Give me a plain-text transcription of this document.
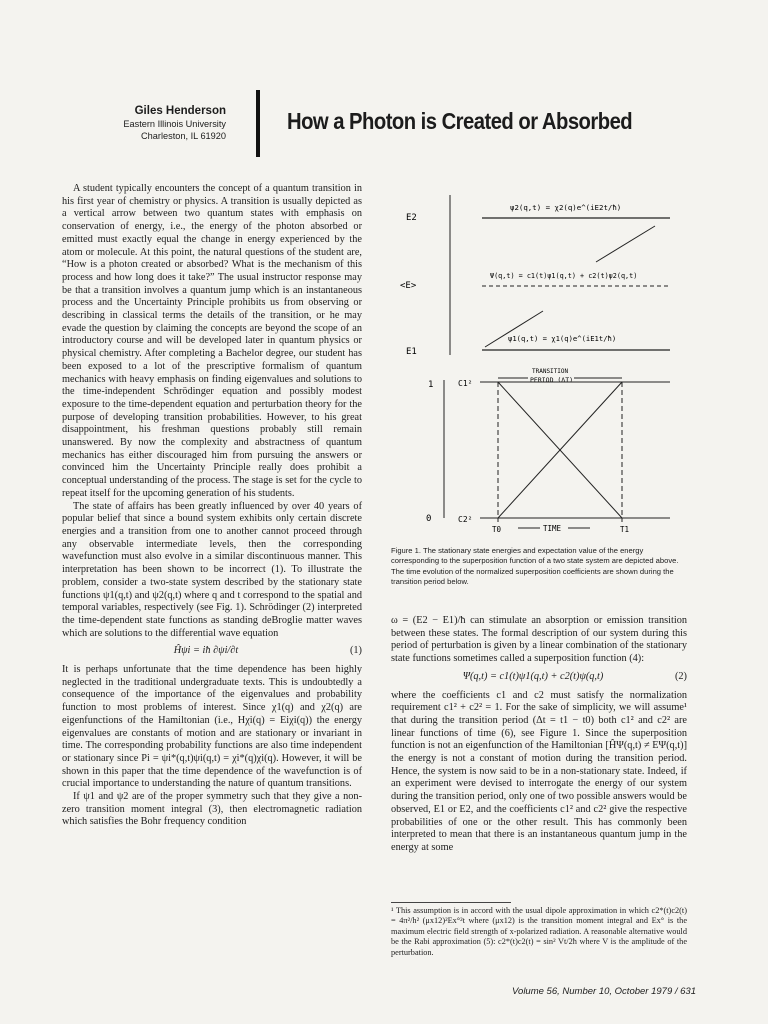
Giles Henderson
Eastern Illinois University
Charleston, IL 61920
How a Photon is Created or Absorbed

A student typically encounters the concept of a quantum transition in his first year of chemistry or physics. A transition is usually depicted as a vertical arrow between two quantum states with emphasis on conservation of energy, i.e., the energy of the photon absorbed or emitted must exactly equal the change in energy experienced by the atom or molecule. At this point, the natural questions of the student are, “How is a photon created or absorbed? What is the mechanism of this process and how long does it take?” The usual instructor response may be that a transition involves a quantum jump which is an instantaneous process and the Uncertainty Principle prohibits us from observing or describing in classical terms the details of the transition, or he may evade the question by claiming the concepts are beyond the scope of an introductory course and will be developed later in quantum physics or physical chemistry. After completing a Bachelor degree, our student has been exposed to a lot of the prescriptive formalism of quantum mechanics with heavy emphasis on finding eigenvalues and solutions to the time-independent Schrödinger equation and possibly modest exposure to the time-dependent equation and perturbation theory for the purpose of developing transition probabilities. However, to his great disappointment, his freshman questions probably still remain unanswered. By now the complexity and abstractness of quantum mechanics has either discouraged him from pursuing the answers or convinced him the Uncertainty Principle really does prohibit a conceptual understanding of the process. The stage is set for the cycle to repeat itself for the upcoming generation of his students.

The state of affairs has been greatly influenced by over 40 years of popular belief that since a bound system exhibits only certain discrete energies and a transition from one to another cannot proceed through any observable intermediate levels, then the corresponding wavefunction must also evolve in a similar discontinuous manner. This interpretation has been shown to be incorrect (1). To illustrate the problem, consider a two-state system described by the stationary state functions ψ1(q,t) and ψ2(q,t) where q and t correspond to the spatial and temporal variables, respectively (see Fig. 1). Schrödinger (2) interpreted the time-dependent state functions as standing deBroglie matter waves which are solutions to the differential wave equation

Ĥψi = iħ ∂ψi/∂t	(1)

It is perhaps unfortunate that the time dependence has been highly neglected in the traditional undergraduate texts. This is undoubtedly a consequence of the importance of the eigenvalues and probability function to most problems of interest. Since χ1(q) and χ2(q) are eigenfunctions of the Hamiltonian (i.e., Hχi(q) = Eiχi(q)) the energy eigenvalues are constants of motion and are stationary or invariant in time. The corresponding probability functions are also time independent or stationary since Pi = ψi*(q,t)ψi(q,t) = χi*(q)χi(q). However, it will be shown in this paper that the time dependence of the wavefunction is of crucial importance to understanding the nature of quantum transitions.

If ψ1 and ψ2 are of the proper symmetry such that they give a non-zero transition moment integral (3), then electromagnetic radiation which satisfies the Bohr frequency condition

E2
<E>
E1
ψ2(q,t) = χ2(q)e^(iE2t/ħ)
Ψ(q,t) = c1(t)ψ1(q,t) + c2(t)ψ2(q,t)
ψ1(q,t) = χ1(q)e^(iE1t/ħ)
TRANSITION
PERIOD (ΔT)
1
0
C1²
C2²
T0	T1
TIME
Figure 1. The stationary state energies and expectation value of the energy corresponding to the superposition function of a two state system are depicted above. The time evolution of the normalized superposition coefficients are shown during the transition period below.

ω = (E2 − E1)/ħ can stimulate an absorption or emission transition between these states. The formal description of our system during this period of perturbation is given by a linear combination of the stationary state functions sometimes called a superposition function (4):

Ψ(q,t) = c1(t)ψ1(q,t) + c2(t)ψ(q,t)	(2)

where the coefficients c1 and c2 must satisfy the normalization requirement c1² + c2² = 1. For the sake of simplicity, we will assume¹ that during the transition period (Δt = t1 − t0) both c1² and c2² are linear functions of time (6), see Figure 1. Since the superposition function is not an eigenfunction of the Hamiltonian [ĤΨ(q,t) ≠ EΨ(q,t)] the energy is not a constant of motion during the transition period. Hence, the system is now said to be in a non-stationary state. Indeed, if an experiment were devised to interrogate the energy of our system during the transition period, only one of two possible answers would be observed, E1 or E2, and the coefficients c1² and c2² give the respective probabilities of one or the other result. This has commonly been interpreted to mean that there is an instantaneous quantum jump in the energy at some

¹ This assumption is in accord with the usual dipole approximation in which c2*(t)c2(t) = 4π²/h² (μx12)²Ex°²t where (μx12) is the transition moment integral and Ex° is the maximum electric field strength of x-polarized radiation. A reasonable alternative would be the Rabi approximation (5): c2*(t)c2(t) = sin² Vt/2ħ where V is the amplitude of the perturbation.
Volume 56, Number 10, October 1979 / 631
